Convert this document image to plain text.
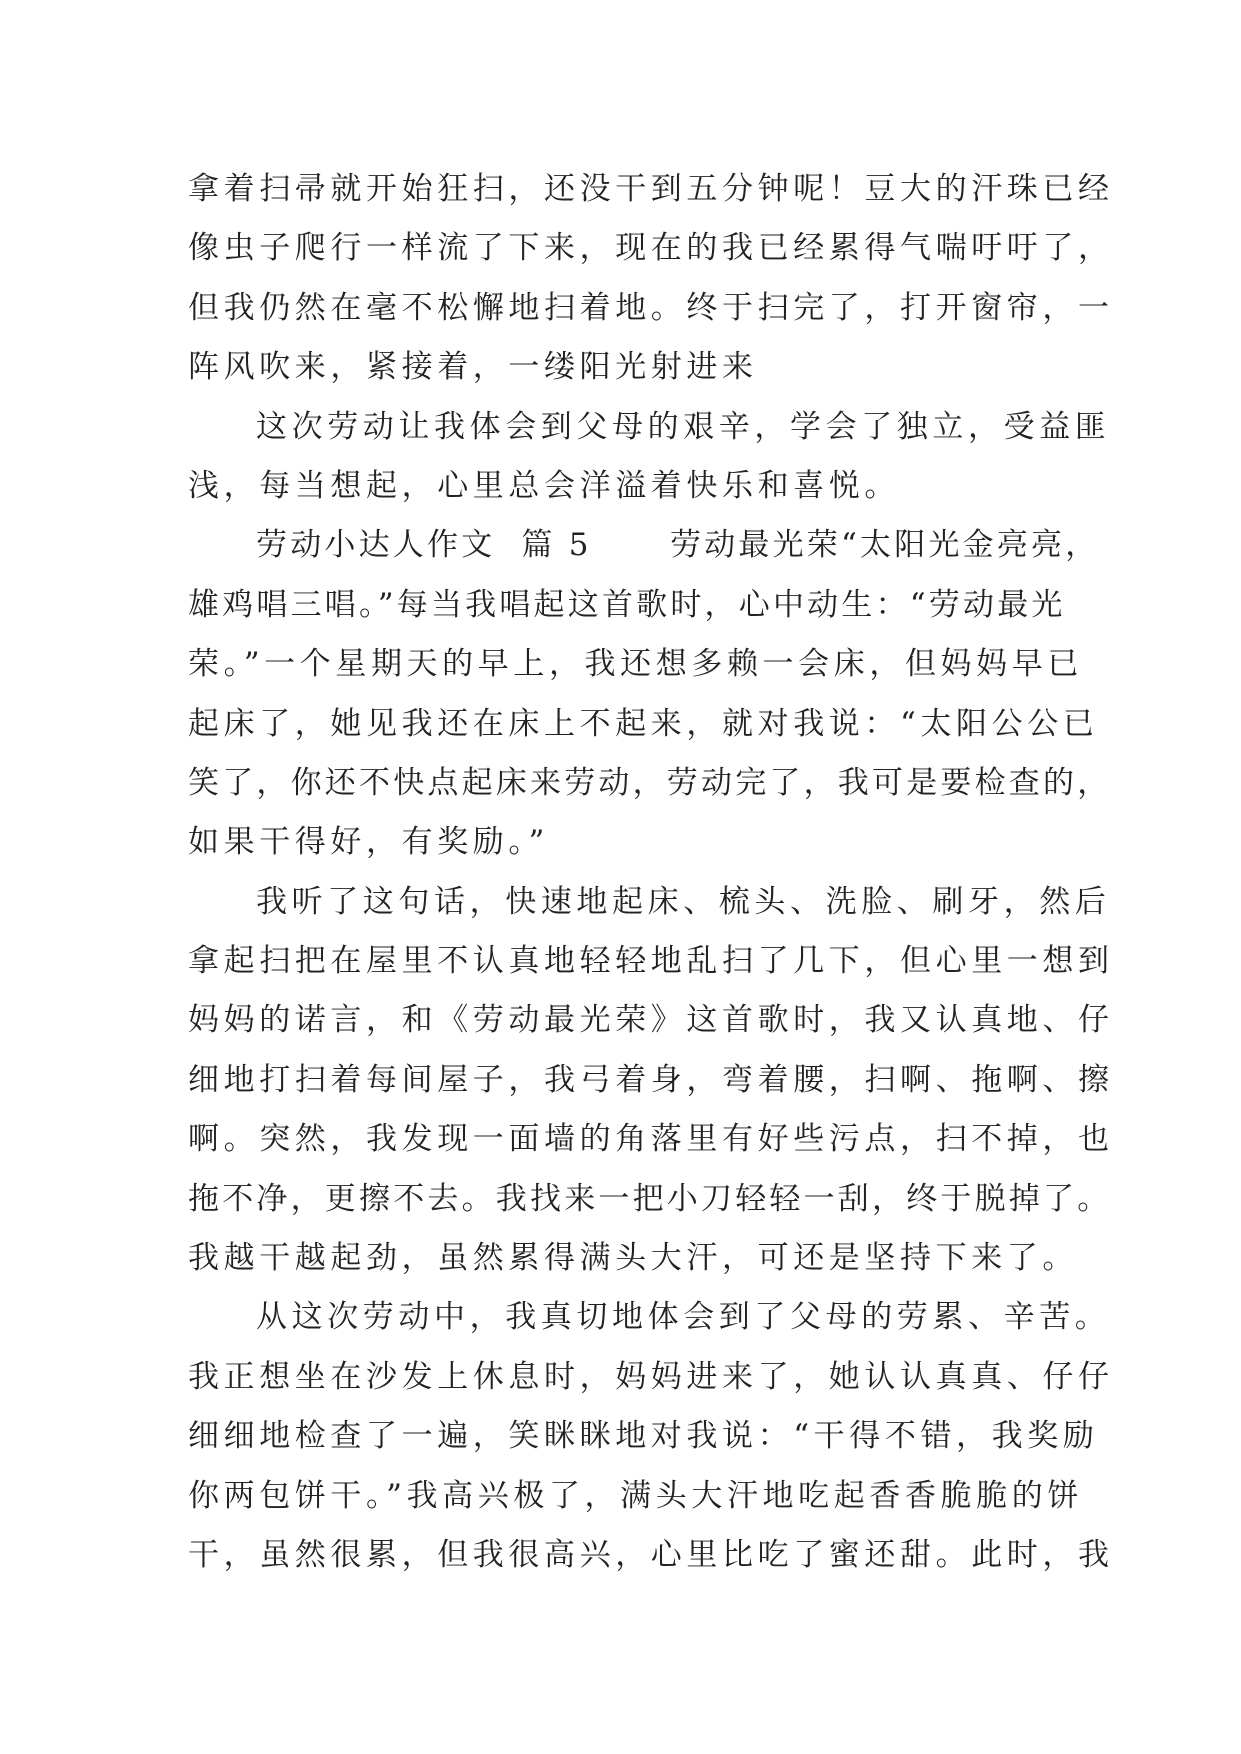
拿着扫帚就开始狂扫，还没干到五分钟呢！豆大的汗珠已经
像虫子爬行一样流了下来，现在的我已经累得气喘吁吁了，
但我仍然在毫不松懈地扫着地。终于扫完了，打开窗帘，一
阵风吹来，紧接着，一缕阳光射进来
这次劳动让我体会到父母的艰辛，学会了独立，受益匪
浅，每当想起，心里总会洋溢着快乐和喜悦。
劳动小达人作文  篇 5      劳动最光荣“太阳光金亮亮，
雄鸡唱三唱。”每当我唱起这首歌时，心中动生：“劳动最光
荣。”一个星期天的早上，我还想多赖一会床，但妈妈早已
起床了，她见我还在床上不起来，就对我说：“太阳公公已
笑了，你还不快点起床来劳动，劳动完了，我可是要检查的，
如果干得好，有奖励。”
我听了这句话，快速地起床、梳头、洗脸、刷牙，然后
拿起扫把在屋里不认真地轻轻地乱扫了几下，但心里一想到
妈妈的诺言，和《劳动最光荣》这首歌时，我又认真地、仔
细地打扫着每间屋子，我弓着身，弯着腰，扫啊、拖啊、擦
啊。突然，我发现一面墙的角落里有好些污点，扫不掉，也
拖不净，更擦不去。我找来一把小刀轻轻一刮，终于脱掉了。
我越干越起劲，虽然累得满头大汗，可还是坚持下来了。
从这次劳动中，我真切地体会到了父母的劳累、辛苦。
我正想坐在沙发上休息时，妈妈进来了，她认认真真、仔仔
细细地检查了一遍，笑眯眯地对我说：“干得不错，我奖励
你两包饼干。”我高兴极了，满头大汗地吃起香香脆脆的饼
干，虽然很累，但我很高兴，心里比吃了蜜还甜。此时，我
